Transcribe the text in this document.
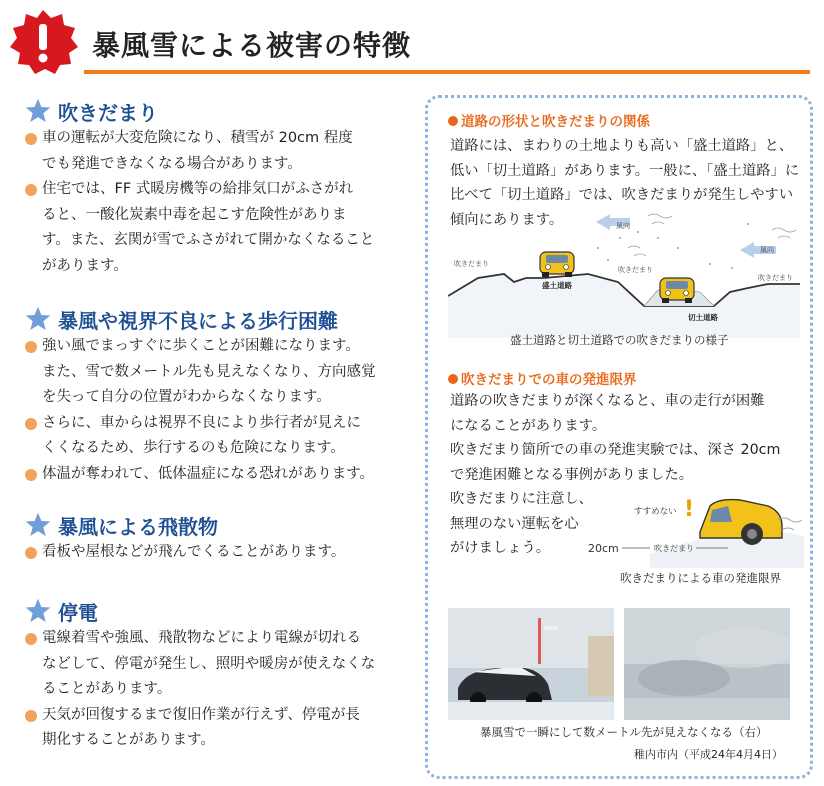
暴風雪による被害の特徴
吹きだまり
車の運転が大変危険になり、積雪が 20cm 程度
でも発進できなくなる場合があります。
住宅では、FF 式暖房機等の給排気口がふさがれ
ると、一酸化炭素中毒を起こす危険性がありま
す。また、玄関が雪でふさがれて開かなくなること
があります。
暴風や視界不良による歩行困難
強い風でまっすぐに歩くことが困難になります。
また、雪で数メートル先も見えなくなり、方向感覚
を失って自分の位置がわからなくなります。
さらに、車からは視界不良により歩行者が見えに
くくなるため、歩行するのも危険になります。
体温が奪われて、低体温症になる恐れがあります。
暴風による飛散物
看板や屋根などが飛んでくることがあります。
停電
電線着雪や強風、飛散物などにより電線が切れる
などして、停電が発生し、照明や暖房が使えなくな
ることがあります。
天気が回復するまで復旧作業が行えず、停電が長
期化することがあります。
道路の形状と吹きだまりの関係
道路には、まわりの土地よりも高い「盛土道路」と、
低い「切土道路」があります。一般に、「盛土道路」に
比べて「切土道路」では、吹きだまりが発生しやすい
傾向にあります。
吹きだまり
盛土道路
風向
吹きだまり
風向
吹きだまり
切土道路
盛土道路と切土道路での吹きだまりの様子
吹きだまりでの車の発進限界
道路の吹きだまりが深くなると、車の走行が困難
になることがあります。
吹きだまり箇所での車の発進実験では、深さ 20cm
で発進困難となる事例がありました。
吹きだまりに注意し、
無理のない運転を心
がけましょう。
!
すすめない
20cm	吹きだまり
吹きだまりによる車の発進限界
暴風雪で一瞬にして数メートル先が見えなくなる（右）
稚内市内（平成24年4月4日）
